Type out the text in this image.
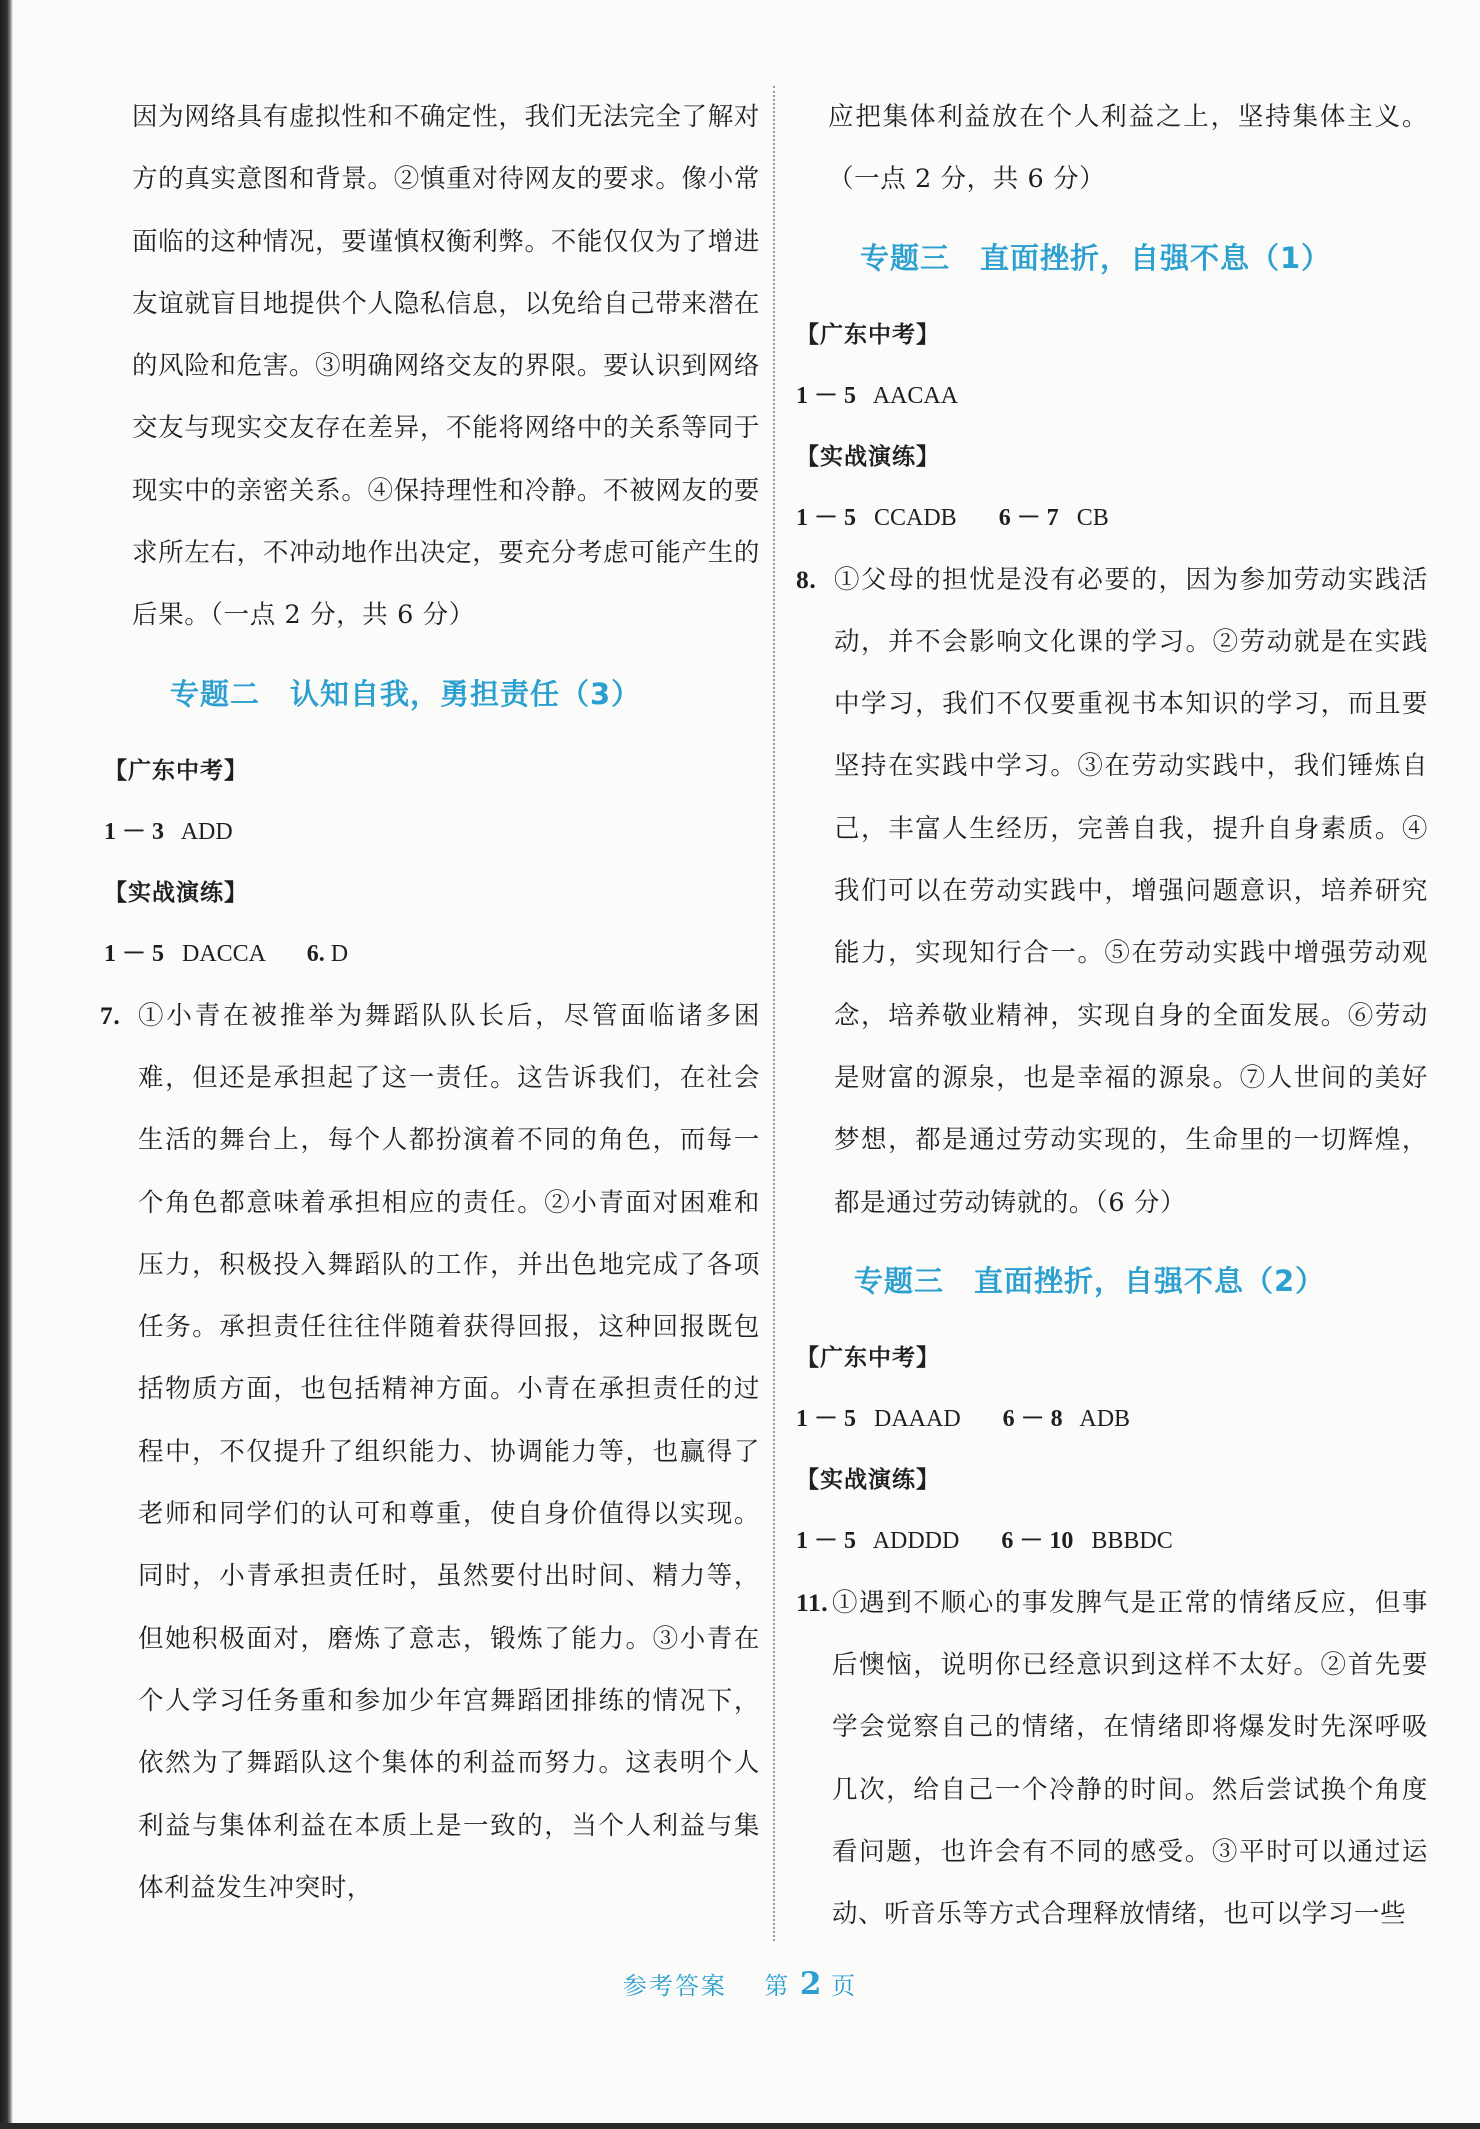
因为网络具有虚拟性和不确定性，我们无法完全了解对方的真实意图和背景。②慎重对待网友的要求。像小常面临的这种情况，要谨慎权衡利弊。不能仅仅为了增进友谊就盲目地提供个人隐私信息，以免给自己带来潜在的风险和危害。③明确网络交友的界限。要认识到网络交友与现实交友存在差异，不能将网络中的关系等同于现实中的亲密关系。④保持理性和冷静。不被网友的要求所左右，不冲动地作出决定，要充分考虑可能产生的后果。（一点 2 分，共 6 分）
专题二　认知自我，勇担责任（3）
【广东中考】
1 － 3 ADD
【实战演练】
1 － 5 DACCA 6. D
7. ①小青在被推举为舞蹈队队长后，尽管面临诸多困难，但还是承担起了这一责任。这告诉我们，在社会生活的舞台上，每个人都扮演着不同的角色，而每一个角色都意味着承担相应的责任。②小青面对困难和压力，积极投入舞蹈队的工作，并出色地完成了各项任务。承担责任往往伴随着获得回报，这种回报既包括物质方面，也包括精神方面。小青在承担责任的过程中，不仅提升了组织能力、协调能力等，也赢得了老师和同学们的认可和尊重，使自身价值得以实现。同时，小青承担责任时，虽然要付出时间、精力等，但她积极面对，磨炼了意志，锻炼了能力。③小青在个人学习任务重和参加少年宫舞蹈团排练的情况下，依然为了舞蹈队这个集体的利益而努力。这表明个人利益与集体利益在本质上是一致的，当个人利益与集体利益发生冲突时，
应把集体利益放在个人利益之上，坚持集体主义。（一点 2 分，共 6 分）
专题三　直面挫折，自强不息（1）
【广东中考】
1 － 5 AACAA
【实战演练】
1 － 5 CCADB 6 － 7 CB
8. ①父母的担忧是没有必要的，因为参加劳动实践活动，并不会影响文化课的学习。②劳动就是在实践中学习，我们不仅要重视书本知识的学习，而且要坚持在实践中学习。③在劳动实践中，我们锤炼自己，丰富人生经历，完善自我，提升自身素质。④我们可以在劳动实践中，增强问题意识，培养研究能力，实现知行合一。⑤在劳动实践中增强劳动观念，培养敬业精神，实现自身的全面发展。⑥劳动是财富的源泉，也是幸福的源泉。⑦人世间的美好梦想，都是通过劳动实现的，生命里的一切辉煌，都是通过劳动铸就的。（6 分）
专题三　直面挫折，自强不息（2）
【广东中考】
1 － 5 DAAAD 6 － 8 ADB
【实战演练】
1 － 5 ADDDD 6 － 10 BBBDC
11. ①遇到不顺心的事发脾气是正常的情绪反应，但事后懊恼，说明你已经意识到这样不太好。②首先要学会觉察自己的情绪，在情绪即将爆发时先深呼吸几次，给自己一个冷静的时间。然后尝试换个角度看问题，也许会有不同的感受。③平时可以通过运动、听音乐等方式合理释放情绪，也可以学习一些
参考答案 第 2 页
